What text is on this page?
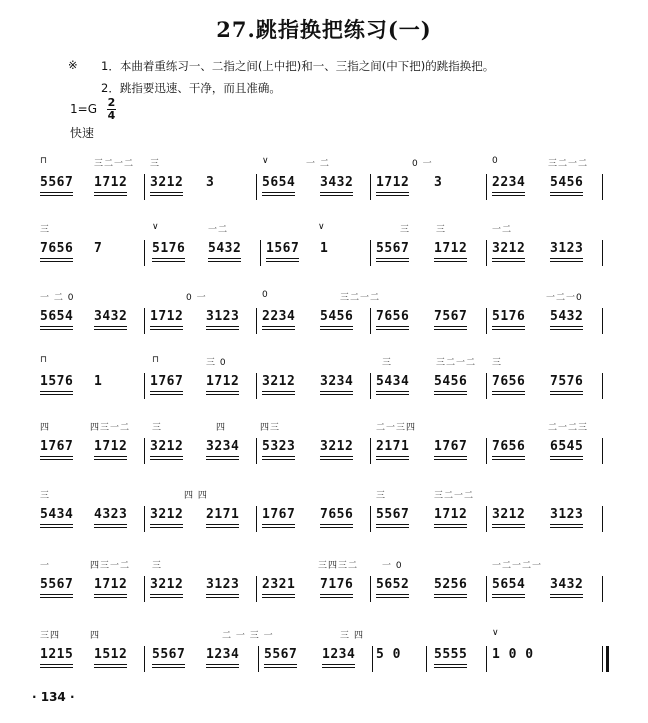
27.跳指换把练习(一)
※ 1．本曲着重练习一、二指之间(上中把)和一、三指之间(中下把)的跳指换把。
2．跳指要迅速、干净，而且准确。
1=G 2
4
快速
⊓	三二一二 三	∨	一 二	0 一	0	三二一二
5567 1712 3212 3	5654 3432 1712 3	2234 5456
三	∨	一二	∨	三	一二
三
7656 7	5176 5432 1567 1	5567 1712 3212 3123
一 二 0	0 一	0	三二一二	一二一0
5654 3432 1712 3123 2234 5456 7656 7567 5176 5432
⊓	⊓	三 0	三	三二一二 三
1576 1	1767 1712 3212 3234 5434 5456 7656 7576
四	四三一二 三	四	四三	二一三四	二一二三
1767 1712 3212 3234 5323 3212 2171 1767 7656 6545
三	四 四	三	三二一二
5434 4323 3212 2171 1767 7656 5567 1712 3212 3123
一	四三一二 三	三四三二	一 0	一二一二一
5567 1712 3212 3123 2321 7176 5652 5256 5654 3432
三四	四	二 一 三 一	四	∨
三
1215 1512 5567 1234 5567 1234 5 0	5555 1 0 0
· 134 ·
